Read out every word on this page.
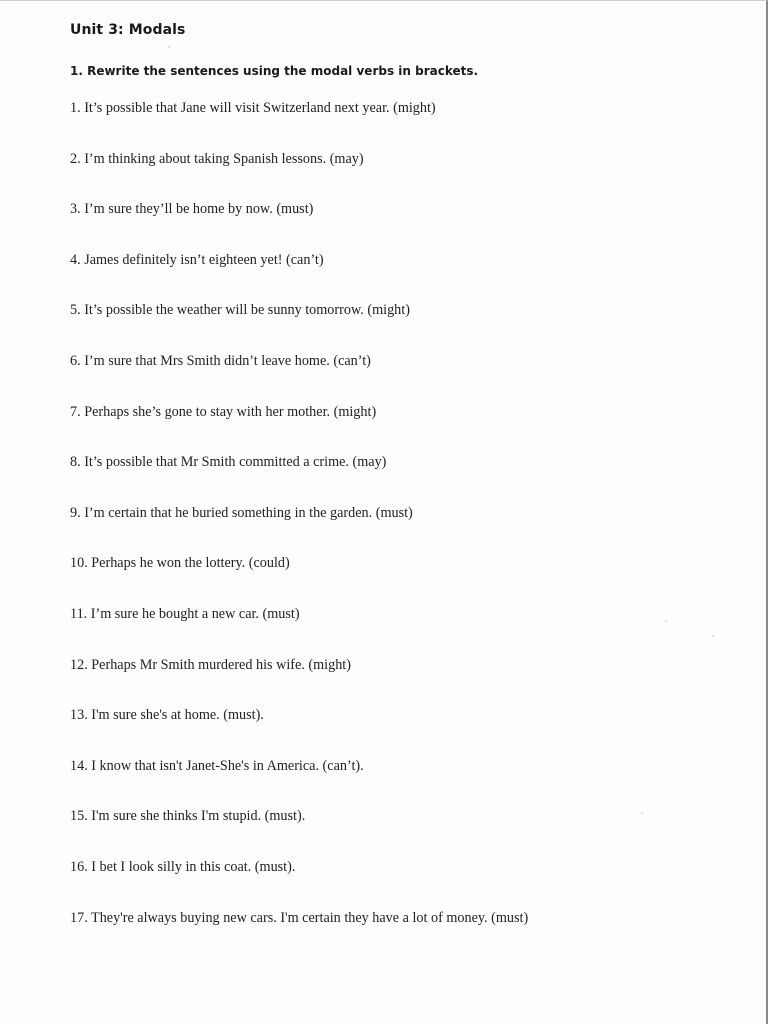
Unit 3: Modals
1. Rewrite the sentences using the modal verbs in brackets.
1. It’s possible that Jane will visit Switzerland next year. (might)
2. I’m thinking about taking Spanish lessons. (may)
3. I’m sure they’ll be home by now. (must)
4. James definitely isn’t eighteen yet! (can’t)
5. It’s possible the weather will be sunny tomorrow. (might)
6. I’m sure that Mrs Smith didn’t leave home. (can’t)
7. Perhaps she’s gone to stay with her mother. (might)
8. It’s possible that Mr Smith committed a crime. (may)
9. I’m certain that he buried something in the garden. (must)
10. Perhaps he won the lottery. (could)
11. I’m sure he bought a new car. (must)
12. Perhaps Mr Smith murdered his wife. (might)
13. I'm sure she's at home. (must).
14. I know that isn't Janet-She's in America. (can’t).
15. I'm sure she thinks I'm stupid. (must).
16. I bet I look silly in this coat. (must).
17. They're always buying new cars. I'm certain they have a lot of money. (must)
